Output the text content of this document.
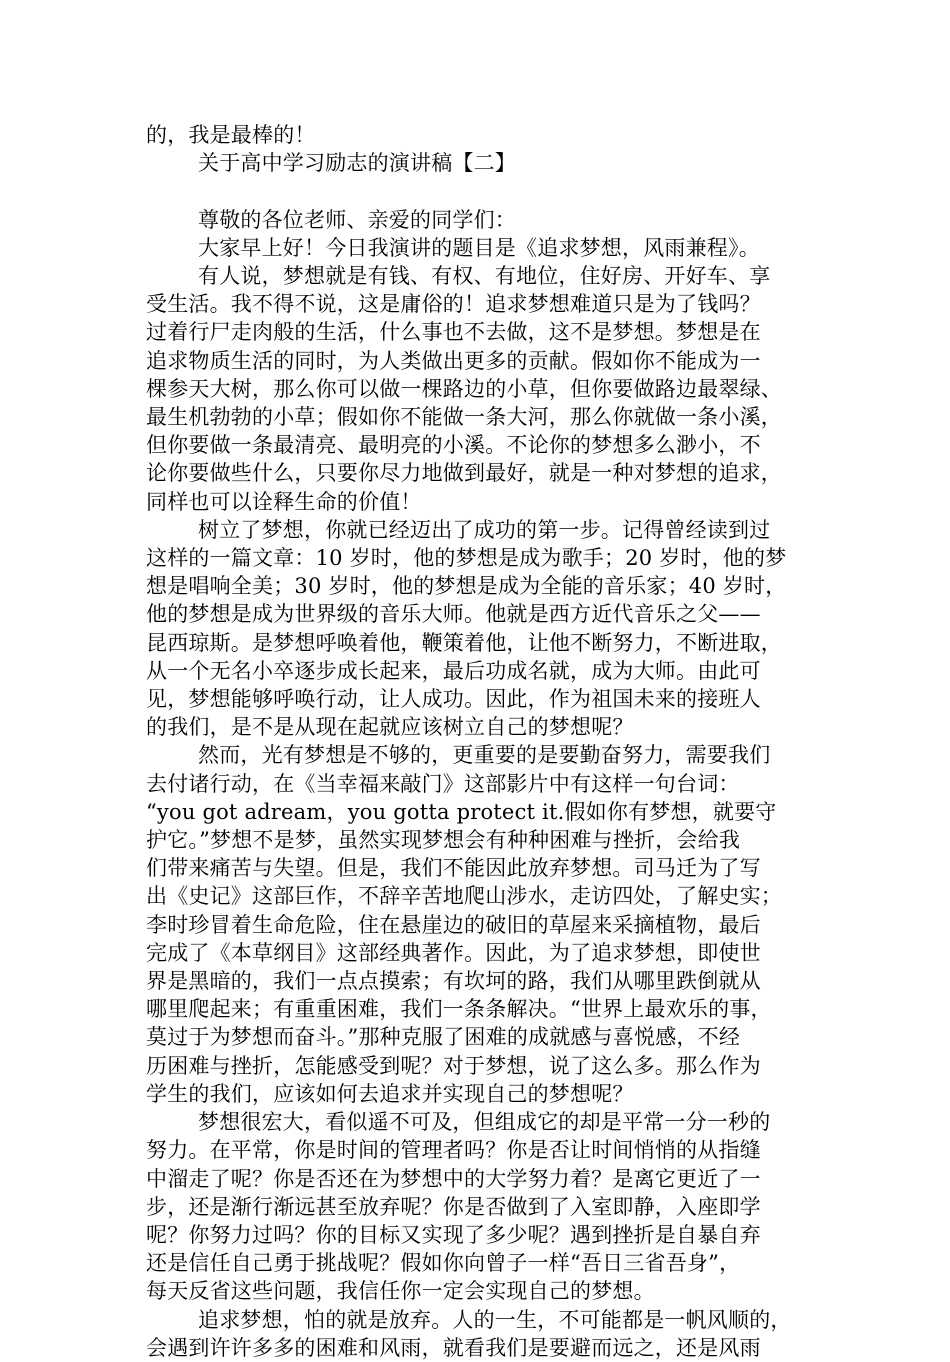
的，我是最棒的！

关于高中学习励志的演讲稿【二】

尊敬的各位老师、亲爱的同学们：

大家早上好！今日我演讲的题目是《追求梦想，风雨兼程》。

有人说，梦想就是有钱、有权、有地位，住好房、开好车、享

受生活。我不得不说，这是庸俗的！追求梦想难道只是为了钱吗？

过着行尸走肉般的生活，什么事也不去做，这不是梦想。梦想是在

追求物质生活的同时，为人类做出更多的贡献。假如你不能成为一

棵参天大树，那么你可以做一棵路边的小草，但你要做路边最翠绿、

最生机勃勃的小草；假如你不能做一条大河，那么你就做一条小溪，

但你要做一条最清亮、最明亮的小溪。不论你的梦想多么渺小，不

论你要做些什么，只要你尽力地做到最好，就是一种对梦想的追求，

同样也可以诠释生命的价值！

树立了梦想，你就已经迈出了成功的第一步。记得曾经读到过

这样的一篇文章：10 岁时，他的梦想是成为歌手；20 岁时，他的梦

想是唱响全美；30 岁时，他的梦想是成为全能的音乐家；40 岁时，

他的梦想是成为世界级的音乐大师。他就是西方近代音乐之父——

昆西琼斯。是梦想呼唤着他，鞭策着他，让他不断努力，不断进取，

从一个无名小卒逐步成长起来，最后功成名就，成为大师。由此可

见，梦想能够呼唤行动，让人成功。因此，作为祖国未来的接班人

的我们，是不是从现在起就应该树立自己的梦想呢？

然而，光有梦想是不够的，更重要的是要勤奋努力，需要我们

去付诸行动，在《当幸福来敲门》这部影片中有这样一句台词：

“you got adream，you gotta protect it.假如你有梦想，就要守

护它。”梦想不是梦，虽然实现梦想会有种种困难与挫折，会给我

们带来痛苦与失望。但是，我们不能因此放弃梦想。司马迁为了写

出《史记》这部巨作，不辞辛苦地爬山涉水，走访四处，了解史实；

李时珍冒着生命危险，住在悬崖边的破旧的草屋来采摘植物，最后

完成了《本草纲目》这部经典著作。因此，为了追求梦想，即使世

界是黑暗的，我们一点点摸索；有坎坷的路，我们从哪里跌倒就从

哪里爬起来；有重重困难，我们一条条解决。“世界上最欢乐的事，

莫过于为梦想而奋斗。”那种克服了困难的成就感与喜悦感，不经

历困难与挫折，怎能感受到呢？对于梦想，说了这么多。那么作为

学生的我们，应该如何去追求并实现自己的梦想呢？

梦想很宏大，看似遥不可及，但组成它的却是平常一分一秒的

努力。在平常，你是时间的管理者吗？你是否让时间悄悄的从指缝

中溜走了呢？你是否还在为梦想中的大学努力着？是离它更近了一

步，还是渐行渐远甚至放弃呢？你是否做到了入室即静，入座即学

呢？你努力过吗？你的目标又实现了多少呢？遇到挫折是自暴自弃

还是信任自己勇于挑战呢？假如你向曾子一样“吾日三省吾身”，

每天反省这些问题，我信任你一定会实现自己的梦想。

追求梦想，怕的就是放弃。人的一生，不可能都是一帆风顺的，

会遇到许许多多的困难和风雨，就看我们是要避而远之，还是风雨
